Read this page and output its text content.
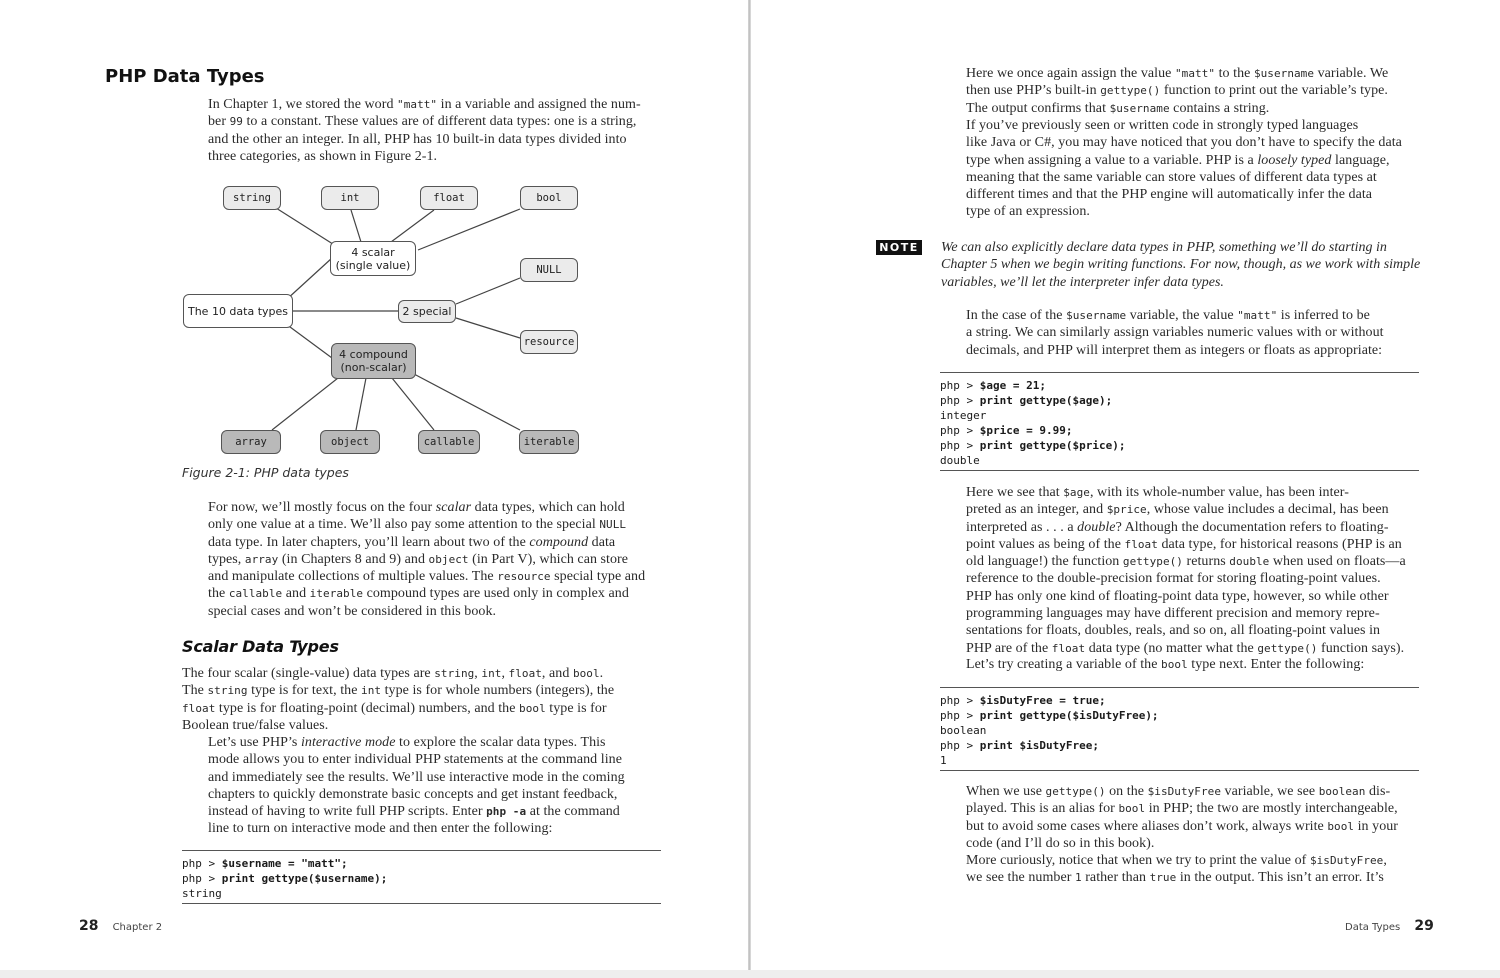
PHP Data Types

In Chapter 1, we stored the word "matt" in a variable and assigned the num-
ber 99 to a constant. These values are of different data types: one is a string,
and the other an integer. In all, PHP has 10 built-in data types divided into
three categories, as shown in Figure 2-1.

string	int	float	bool
4 scalar
(single value)	NULL
The 10 data types	2 special
resource
4 compound
(non-scalar)
array	object	callable	iterable

Figure 2-1: PHP data types

For now, we’ll mostly focus on the four scalar data types, which can hold
only one value at a time. We’ll also pay some attention to the special NULL
data type. In later chapters, you’ll learn about two of the compound data
types, array (in Chapters 8 and 9) and object (in Part V), which can store
and manipulate collections of multiple values. The resource special type and
the callable and iterable compound types are used only in complex and
special cases and won’t be considered in this book.

Scalar Data Types

The four scalar (single-value) data types are string, int, float, and bool.
The string type is for text, the int type is for whole numbers (integers), the
float type is for floating-point (decimal) numbers, and the bool type is for
Boolean true/false values.

Let’s use PHP’s interactive mode to explore the scalar data types. This
mode allows you to enter individual PHP statements at the command line
and immediately see the results. We’ll use interactive mode in the coming
chapters to quickly demonstrate basic concepts and get instant feedback,
instead of having to write full PHP scripts. Enter php -a at the command
line to turn on interactive mode and then enter the following:

php > $username = "matt";
php > print gettype($username);
string
28 Chapter 2

Here we once again assign the value "matt" to the $username variable. We
then use PHP’s built-in gettype() function to print out the variable’s type.
The output confirms that $username contains a string.

If you’ve previously seen or written code in strongly typed languages
like Java or C#, you may have noticed that you don’t have to specify the data
type when assigning a value to a variable. PHP is a loosely typed language,
meaning that the same variable can store values of different data types at
different times and that the PHP engine will automatically infer the data
type of an expression.

NOTE We can also explicitly declare data types in PHP, something we’ll do starting in
Chapter 5 when we begin writing functions. For now, though, as we work with simple
variables, we’ll let the interpreter infer data types.

In the case of the $username variable, the value "matt" is inferred to be
a string. We can similarly assign variables numeric values with or without
decimals, and PHP will interpret them as integers or floats as appropriate:

php > $age = 21;
php > print gettype($age);
integer
php > $price = 9.99;
php > print gettype($price);
double

Here we see that $age, with its whole-number value, has been inter-
preted as an integer, and $price, whose value includes a decimal, has been
interpreted as . . . a double? Although the documentation refers to floating-
point values as being of the float data type, for historical reasons (PHP is an
old language!) the function gettype() returns double when used on floats—a
reference to the double-precision format for storing floating-point values.
PHP has only one kind of floating-point data type, however, so while other
programming languages may have different precision and memory repre-
sentations for floats, doubles, reals, and so on, all floating-point values in
PHP are of the float data type (no matter what the gettype() function says).

Let’s try creating a variable of the bool type next. Enter the following:

php > $isDutyFree = true;
php > print gettype($isDutyFree);
boolean
php > print $isDutyFree;
1

When we use gettype() on the $isDutyFree variable, we see boolean dis-
played. This is an alias for bool in PHP; the two are mostly interchangeable,
but to avoid some cases where aliases don’t work, always write bool in your
code (and I’ll do so in this book).

More curiously, notice that when we try to print the value of $isDutyFree,
we see the number 1 rather than true in the output. This isn’t an error. It’s

Data Types 29
